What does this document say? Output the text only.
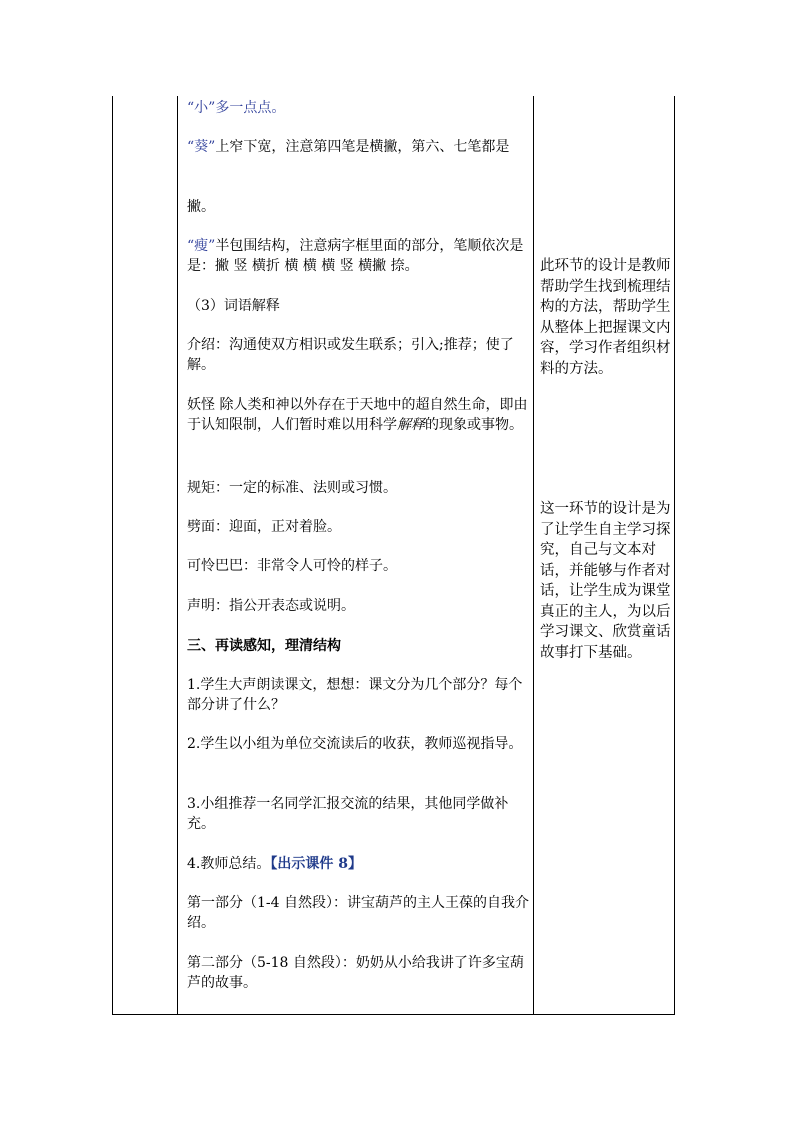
“小”多一点点。

“葵”上窄下宽，注意第四笔是横撇，第六、七笔都是

撇。

“瘦”半包围结构，注意病字框里面的部分，笔顺依次是是：撇 竖 横折 横 横 横 竖 横撇 捺。

（3）词语解释

介绍：沟通使双方相识或发生联系；引入;推荐；使了解。

妖怪 除人类和神以外存在于天地中的超自然生命，即由于认知限制，人们暂时难以用科学解释的现象或事物。

规矩：一定的标准、法则或习惯。

劈面：迎面，正对着脸。

可怜巴巴：非常令人可怜的样子。

声明：指公开表态或说明。

三、再读感知，理清结构

1.学生大声朗读课文，想想：课文分为几个部分？每个部分讲了什么？

2.学生以小组为单位交流读后的收获，教师巡视指导。

3.小组推荐一名同学汇报交流的结果，其他同学做补充。

4.教师总结。【出示课件 8】

第一部分（1-4 自然段）：讲宝葫芦的主人王葆的自我介绍。

第二部分（5-18 自然段）：奶奶从小给我讲了许多宝葫芦的故事。

此环节的设计是教师帮助学生找到梳理结构的方法，帮助学生从整体上把握课文内容，学习作者组织材料的方法。
这一环节的设计是为了让学生自主学习探究，自己与文本对话，并能够与作者对话，让学生成为课堂真正的主人，为以后学习课文、欣赏童话故事打下基础。
